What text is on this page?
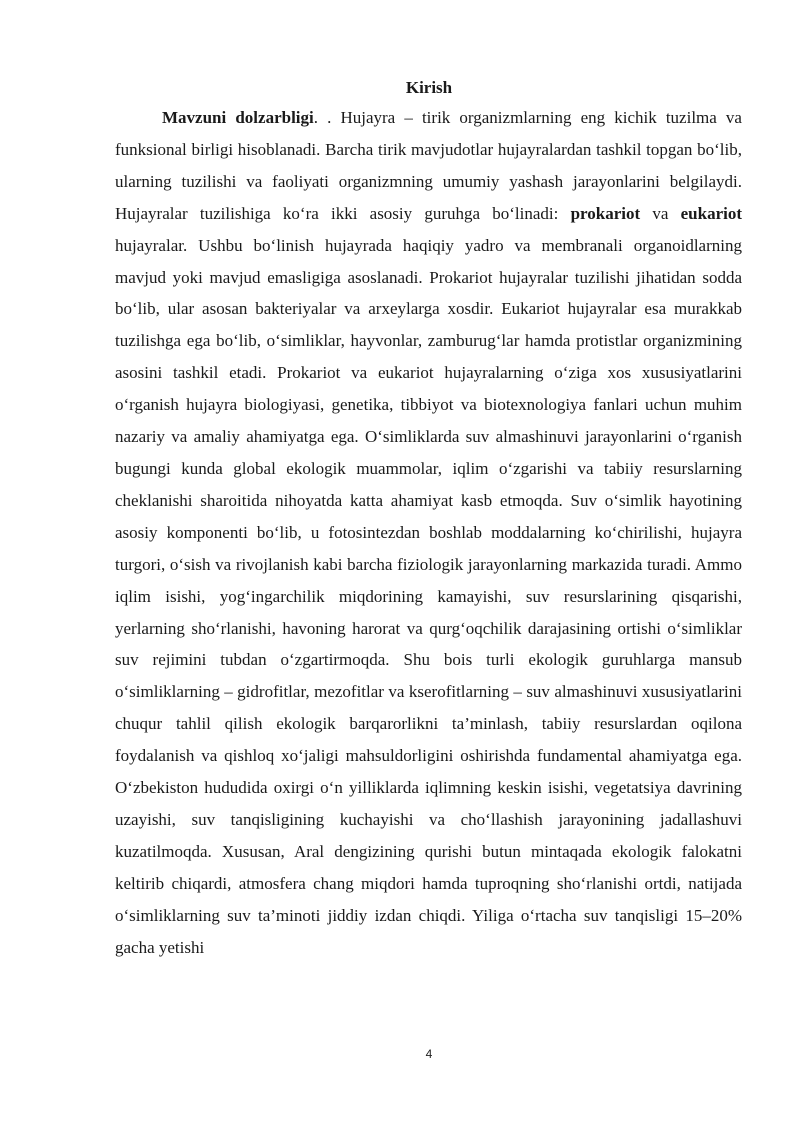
Kirish

Mavzuni dolzarbligi. . Hujayra – tirik organizmlarning eng kichik tuzilma va funksional birligi hisoblanadi. Barcha tirik mavjudotlar hujayralardan tashkil topgan bo‘lib, ularning tuzilishi va faoliyati organizmning umumiy yashash jarayonlarini belgilaydi. Hujayralar tuzilishiga ko‘ra ikki asosiy guruhga bo‘linadi: prokariot va eukariot hujayralar. Ushbu bo‘linish hujayrada haqiqiy yadro va membranali organoidlarning mavjud yoki mavjud emasligiga asoslanadi. Prokariot hujayralar tuzilishi jihatidan sodda bo‘lib, ular asosan bakteriyalar va arxeylarga xosdir. Eukariot hujayralar esa murakkab tuzilishga ega bo‘lib, o‘simliklar, hayvonlar, zamburug‘lar hamda protistlar organizmining asosini tashkil etadi. Prokariot va eukariot hujayralarning o‘ziga xos xususiyatlarini o‘rganish hujayra biologiyasi, genetika, tibbiyot va biotexnologiya fanlari uchun muhim nazariy va amaliy ahamiyatga ega. O‘simliklarda suv almashinuvi jarayonlarini o‘rganish bugungi kunda global ekologik muammolar, iqlim o‘zgarishi va tabiiy resurslarning cheklanishi sharoitida nihoyatda katta ahamiyat kasb etmoqda. Suv o‘simlik hayotining asosiy komponenti bo‘lib, u fotosintezdan boshlab moddalarning ko‘chirilishi, hujayra turgori, o‘sish va rivojlanish kabi barcha fiziologik jarayonlarning markazida turadi. Ammo iqlim isishi, yog‘ingarchilik miqdorining kamayishi, suv resurslarining qisqarishi, yerlarning sho‘rlanishi, havoning harorat va qurg‘oqchilik darajasining ortishi o‘simliklar suv rejimini tubdan o‘zgartirmoqda. Shu bois turli ekologik guruhlarga mansub o‘simliklarning – gidrofitlar, mezofitlar va kserofitlarning – suv almashinuvi xususiyatlarini chuqur tahlil qilish ekologik barqarorlikni ta’minlash, tabiiy resurslardan oqilona foydalanish va qishloq xo‘jaligi mahsuldorligini oshirishda fundamental ahamiyatga ega. O‘zbekiston hududida oxirgi o‘n yilliklarda iqlimning keskin isishi, vegetatsiya davrining uzayishi, suv tanqisligining kuchayishi va cho‘llashish jarayonining jadallashuvi kuzatilmoqda. Xususan, Aral dengizining qurishi butun mintaqada ekologik falokatni keltirib chiqardi, atmosfera chang miqdori hamda tuproqning sho‘rlanishi ortdi, natijada o‘simliklarning suv ta’minoti jiddiy izdan chiqdi. Yiliga o‘rtacha suv tanqisligi 15–20% gacha yetishi

4
